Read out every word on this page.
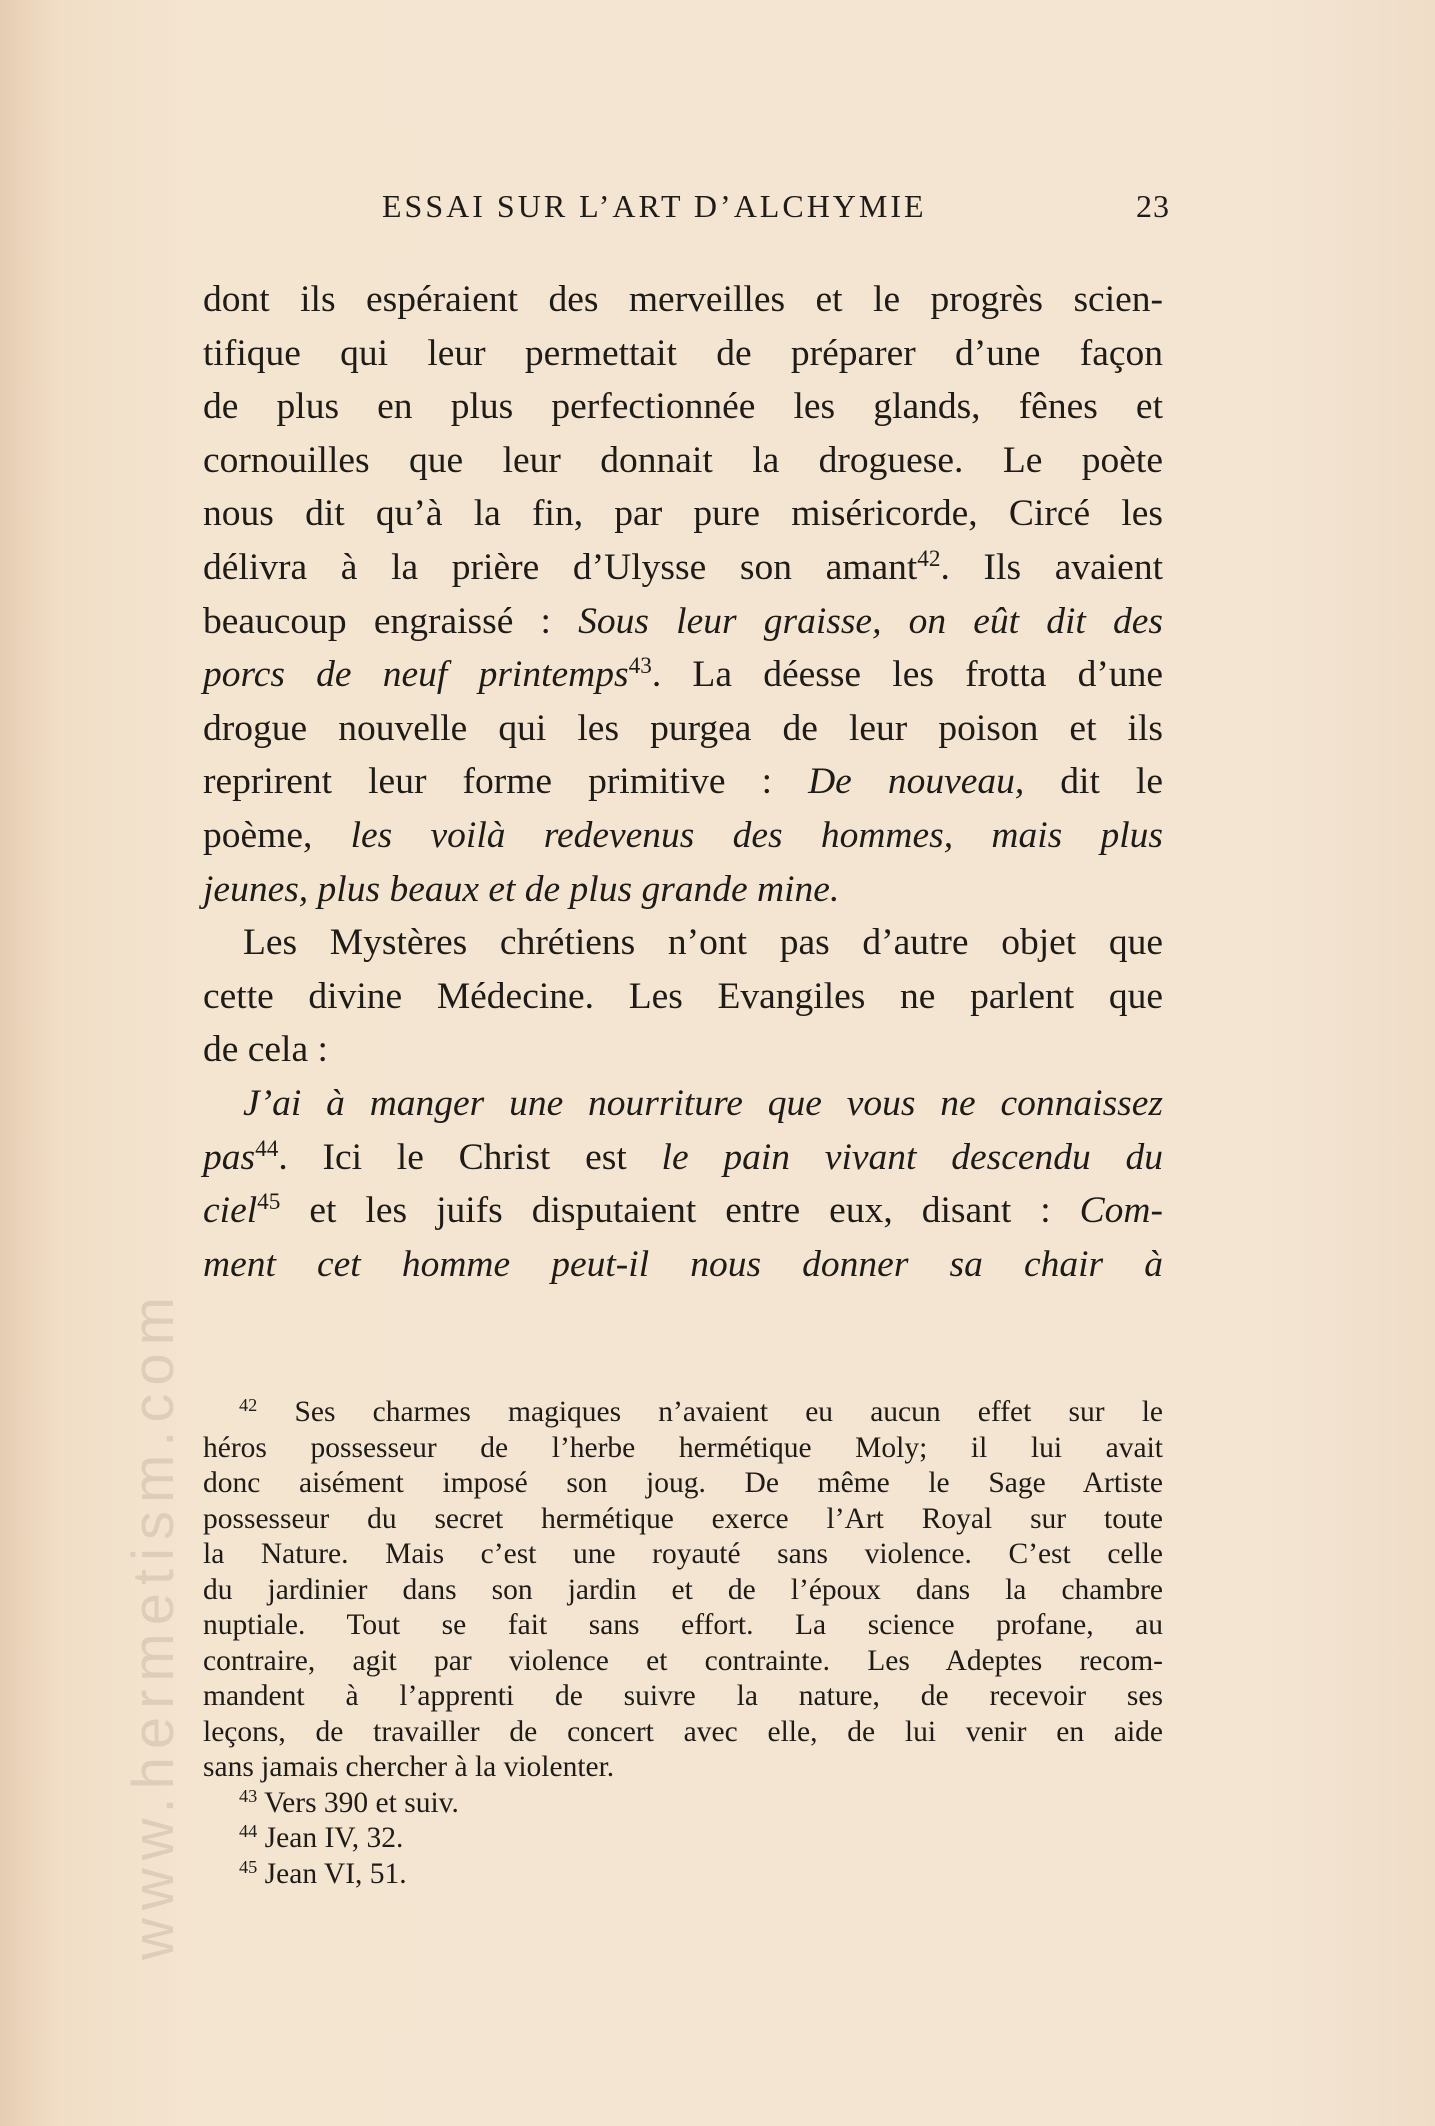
www.hermetism.com
ESSAI SUR L’ART D’ALCHYMIE	23
dont ils espéraient des merveilles et le progrès scien-
tifique qui leur permettait de préparer d’une façon
de plus en plus perfectionnée les glands, fênes et
cornouilles que leur donnait la droguese. Le poète
nous dit qu’à la fin, par pure miséricorde, Circé les
délivra à la prière d’Ulysse son amant$^{42}$. Ils avaient
beaucoup engraissé : Sous leur graisse, on eût dit des
porcs de neuf printemps$^{43}$. La déesse les frotta d’une
drogue nouvelle qui les purgea de leur poison et ils
reprirent leur forme primitive : De nouveau, dit le
poème, les voilà redevenus des hommes, mais plus
jeunes, plus beaux et de plus grande mine.
Les Mystères chrétiens n’ont pas d’autre objet que
cette divine Médecine. Les Evangiles ne parlent que
de cela :
J’ai à manger une nourriture que vous ne connaissez
pas$^{44}$. Ici le Christ est le pain vivant descendu du
ciel$^{45}$ et les juifs disputaient entre eux, disant : Com-
ment cet homme peut-il nous donner sa chair à
$^{42}$ Ses charmes magiques n’avaient eu aucun effet sur le
héros possesseur de l’herbe hermétique Moly; il lui avait
donc aisément imposé son joug. De même le Sage Artiste
possesseur du secret hermétique exerce l’Art Royal sur toute
la Nature. Mais c’est une royauté sans violence. C’est celle
du jardinier dans son jardin et de l’époux dans la chambre
nuptiale. Tout se fait sans effort. La science profane, au
contraire, agit par violence et contrainte. Les Adeptes recom-
mandent à l’apprenti de suivre la nature, de recevoir ses
leçons, de travailler de concert avec elle, de lui venir en aide
sans jamais chercher à la violenter.
$^{43}$ Vers 390 et suiv.
$^{44}$ Jean IV, 32.
$^{45}$ Jean VI, 51.
